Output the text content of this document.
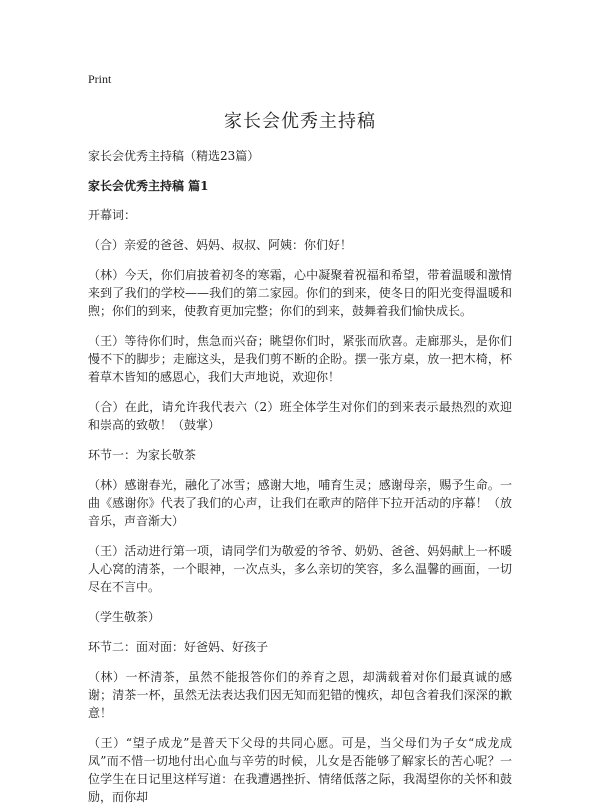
Print
家长会优秀主持稿
家长会优秀主持稿（精选23篇）
家长会优秀主持稿 篇1

开幕词：

（合）亲爱的爸爸、妈妈、叔叔、阿姨：你们好！

（林）今天，你们肩披着初冬的寒霜，心中凝聚着祝福和希望，带着温暖和激情来到了我们的学校——我们的第二家园。你们的到来，使冬日的阳光变得温暖和煦；你们的到来，使教育更加完整；你们的到来，鼓舞着我们愉快成长。

（王）等待你们时，焦急而兴奋；眺望你们时，紧张而欣喜。走廊那头，是你们慢不下的脚步；走廊这头，是我们剪不断的企盼。摆一张方桌，放一把木椅，杯着草木皆知的感恩心，我们大声地说，欢迎你！

（合）在此，请允许我代表六（2）班全体学生对你们的到来表示最热烈的欢迎和崇高的致敬！（鼓掌）

环节一：为家长敬茶

（林）感谢春光，融化了冰雪；感谢大地，哺育生灵；感谢母亲，赐予生命。一曲《感谢你》代表了我们的心声，让我们在歌声的陪伴下拉开活动的序幕！（放音乐，声音渐大）

（王）活动进行第一项，请同学们为敬爱的爷爷、奶奶、爸爸、妈妈献上一杯暖人心窝的清茶，一个眼神，一次点头，多么亲切的笑容，多么温馨的画面，一切尽在不言中。

（学生敬茶）

环节二：面对面：好爸妈、好孩子

（林）一杯清茶，虽然不能报答你们的养育之恩，却满载着对你们最真诚的感谢；清茶一杯，虽然无法表达我们因无知而犯错的愧疚，却包含着我们深深的歉意！

（王）“望子成龙”是普天下父母的共同心愿。可是，当父母们为子女“成龙成凤”而不惜一切地付出心血与辛劳的时候，儿女是否能够了解家长的苦心呢？一位学生在日记里这样写道：在我遭遇挫折、情绪低落之际，我渴望你的关怀和鼓励，而你却
